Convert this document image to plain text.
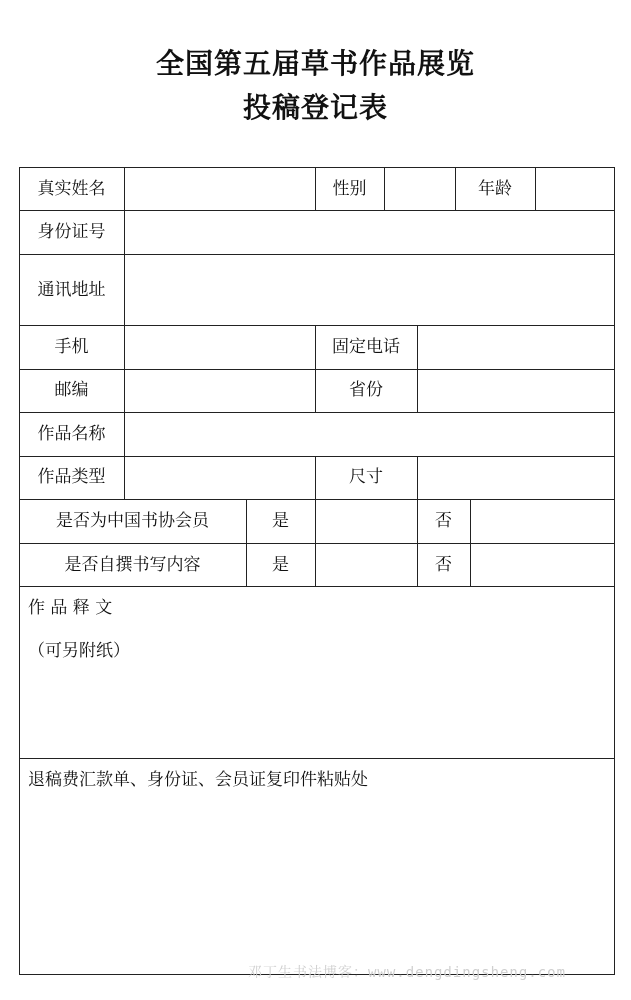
全国第五届草书作品展览
投稿登记表
真实姓名	性别	年龄
身份证号
通讯地址
手机	固定电话
邮编	省份
作品名称
作品类型	尺寸
是否为中国书协会员	是	否
是否自撰书写内容	是	否
作 品 释 文
（可另附纸）
退稿费汇款单、身份证、会员证复印件粘贴处
邓丁生书法博客：www.dengdingsheng.com
